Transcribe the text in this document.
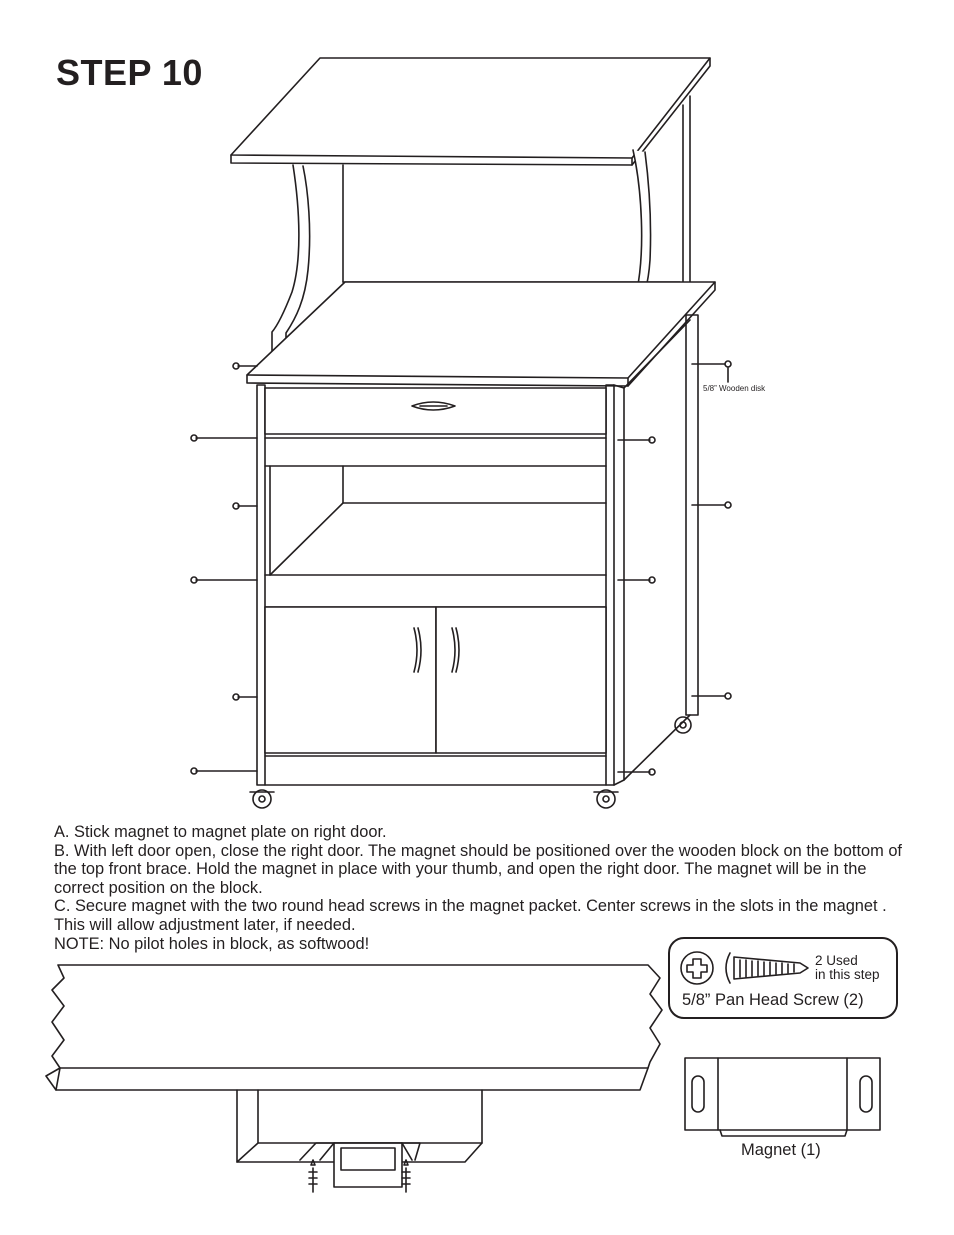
STEP 10
5/8” Wooden disk
A. Stick magnet to magnet plate on right door.
B. With left door open, close the right door. The magnet should be positioned over the wooden block on the bottom of the top front brace. Hold the magnet in place with your thumb, and open the right door. The magnet will be in the correct position on the block.
C. Secure magnet with the two round head screws in the magnet packet. Center screws in the slots in the magnet . This will allow adjustment later, if needed.
NOTE: No pilot holes in block, as softwood!
2 Used
in this step
5/8” Pan Head Screw (2)
Magnet (1)
